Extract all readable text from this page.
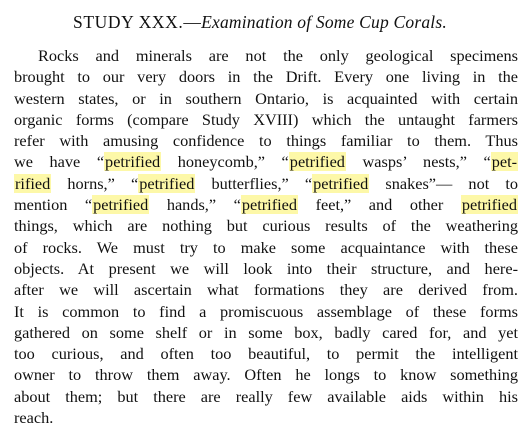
STUDY XXX.—Examination of Some Cup Corals.
Rocks and minerals are not the only geological specimens
brought to our very doors in the Drift. Every one living in the
western states, or in southern Ontario, is acquainted with certain
organic forms (compare Study XVIII) which the untaught farmers
refer with amusing confidence to things familiar to them. Thus
we have “petrified honeycomb,” “petrified wasps’ nests,” “pet-
rified horns,” “petrified butterflies,” “petrified snakes”— not to
mention “petrified hands,” “petrified feet,” and other petrified
things, which are nothing but curious results of the weathering
of rocks. We must try to make some acquaintance with these
objects. At present we will look into their structure, and here-
after we will ascertain what formations they are derived from.
It is common to find a promiscuous assemblage of these forms
gathered on some shelf or in some box, badly cared for, and yet
too curious, and often too beautiful, to permit the intelligent
owner to throw them away. Often he longs to know something
about them; but there are really few available aids within his
reach.
